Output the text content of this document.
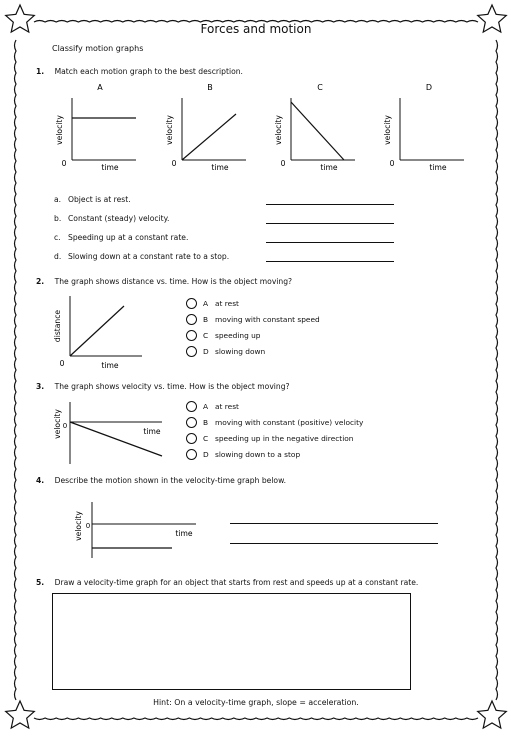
Forces and motion
Classify motion graphs
1. Match each motion graph to the best description.
A
velocity
time
0
B
velocity
time
0
C
velocity
time
0
D
velocity
time
0
a. Object is at rest.
b. Constant (steady) velocity.
c. Speeding up at a constant rate.
d. Slowing down at a constant rate to a stop.
2. The graph shows distance vs. time. How is the object moving?
distance
time
0
A at rest
B moving with constant speed
C speeding up
D slowing down
3. The graph shows velocity vs. time. How is the object moving?
velocity	time
0
A at rest
B moving with constant (positive) velocity
C speeding up in the negative direction
D slowing down to a stop
4. Describe the motion shown in the velocity-time graph below.
velocity	time
0
5. Draw a velocity-time graph for an object that starts from rest and speeds up at a constant rate.
Hint: On a velocity-time graph, slope = acceleration.
